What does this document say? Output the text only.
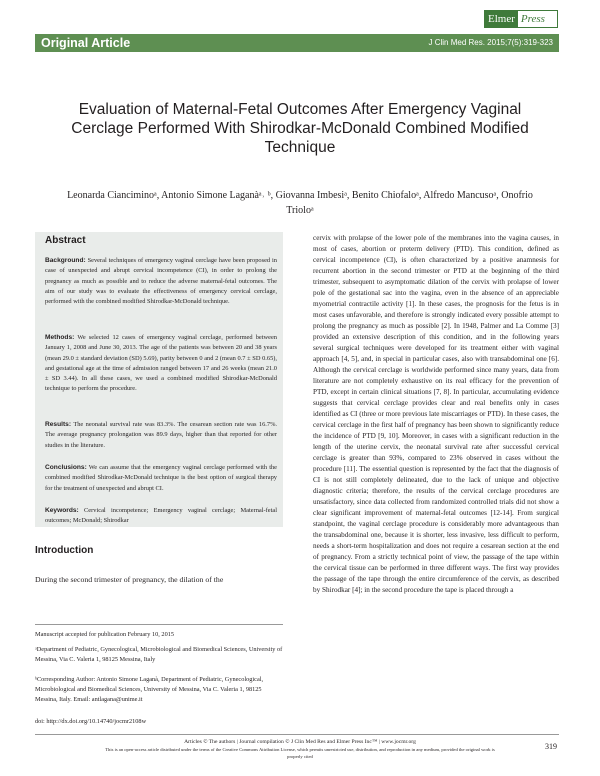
Elmer Press
Original Article	J Clin Med Res. 2015;7(5):319-323
Evaluation of Maternal-Fetal Outcomes After Emergency Vaginal Cerclage Performed With Shirodkar-McDonald Combined Modified Technique
Leonarda Cianciminoᵃ, Antonio Simone Laganàᵃ˒ ᵇ, Giovanna Imbesiᵃ, Benito Chiofaloᵃ, Alfredo Mancusoᵃ, Onofrio Trioloᵃ
Abstract
Background: Several techniques of emergency vaginal cerclage have been proposed in case of unexpected and abrupt cervical incompetence (CI), in order to prolong the pregnancy as much as possible and to reduce the adverse maternal-fetal outcomes. The aim of our study was to evaluate the effectiveness of emergency cervical cerclage, performed with the combined modified Shirodkar-McDonald technique.
Methods: We selected 12 cases of emergency vaginal cerclage, performed between January 1, 2008 and June 30, 2013. The age of the patients was between 20 and 38 years (mean 29.0 ± standard deviation (SD) 5.69), parity between 0 and 2 (mean 0.7 ± SD 0.65), and gestational age at the time of admission ranged between 17 and 26 weeks (mean 21.0 ± SD 3.44). In all these cases, we used a combined modified Shirodkar-McDonald technique to perform the procedure.
Results: The neonatal survival rate was 83.3%. The cesarean section rate was 16.7%. The average pregnancy prolongation was 89.9 days, higher than that reported for other studies in the literature.
Conclusions: We can assume that the emergency vaginal cerclage performed with the combined modified Shirodkar-McDonald technique is the best option of surgical therapy for the treatment of unexpected and abrupt CI.
Keywords: Cervical incompetence; Emergency vaginal cerclage; Maternal-fetal outcomes; McDonald; Shirodkar
Introduction
During the second trimester of pregnancy, the dilation of the
Manuscript accepted for publication February 10, 2015
ᵃDepartment of Pediatric, Gynecological, Microbiological and Biomedical Sciences, University of Messina, Via C. Valeria 1, 98125 Messina, Italy
ᵇCorresponding Author: Antonio Simone Laganà, Department of Pediatric, Gynecological, Microbiological and Biomedical Sciences, University of Messina, Via C. Valeria 1, 98125 Messina, Italy. Email: antlagana@unime.it
doi: http://dx.doi.org/10.14740/jocmr2108w
cervix with prolapse of the lower pole of the membranes into the vagina causes, in most of cases, abortion or preterm delivery (PTD). This condition, defined as cervical incompetence (CI), is often characterized by a positive anamnesis for recurrent abortion in the second trimester or PTD at the beginning of the third trimester, subsequent to asymptomatic dilation of the cervix with prolapse of lower pole of the gestational sac into the vagina, even in the absence of an appreciable myometrial contractile activity [1]. In these cases, the prognosis for the fetus is in most cases unfavorable, and therefore is strongly indicated every possible attempt to prolong the pregnancy as much as possible [2]. In 1948, Palmer and La Comme [3] provided an extensive description of this condition, and in the following years several surgical techniques were developed for its treatment either with vaginal approach [4, 5], and, in special in particular cases, also with transabdominal one [6]. Although the cervical cerclage is worldwide performed since many years, data from literature are not completely exhaustive on its real efficacy for the prevention of PTD, except in certain clinical situations [7, 8]. In particular, accumulating evidence suggests that cervical cerclage provides clear and real benefits only in cases identified as CI (three or more previous late miscarriages or PTD). In these cases, the cervical cerclage in the first half of pregnancy has been shown to significantly reduce the incidence of PTD [9, 10]. Moreover, in cases with a significant reduction in the length of the uterine cervix, the neonatal survival rate after successful cervical cerclage is greater than 93%, compared to 23% observed in cases without the procedure [11]. The essential question is represented by the fact that the diagnosis of CI is not still completely delineated, due to the lack of unique and objective diagnostic criteria; therefore, the results of the cervical cerclage procedures are unsatisfactory, since data collected from randomized controlled trials did not show a clear significant improvement of maternal-fetal outcomes [12-14]. From surgical standpoint, the vaginal cerclage procedure is considerably more advantageous than the transabdominal one, because it is shorter, less invasive, less difficult to perform, needs a short-term hospitalization and does not require a cesarean section at the end of pregnancy. From a strictly technical point of view, the passage of the tape within the cervical tissue can be performed in three different ways. The first way provides the passage of the tape through the entire circumference of the cervix, as described by Shirodkar [4]; in the second procedure the tape is placed through a
Articles © The authors | Journal compilation © J Clin Med Res and Elmer Press Inc™ | www.jocmr.org
This is an open-access article distributed under the terms of the Creative Commons Attribution License, which permits unrestricted use, distribution, and reproduction in any medium, provided the original work is properly cited
319
